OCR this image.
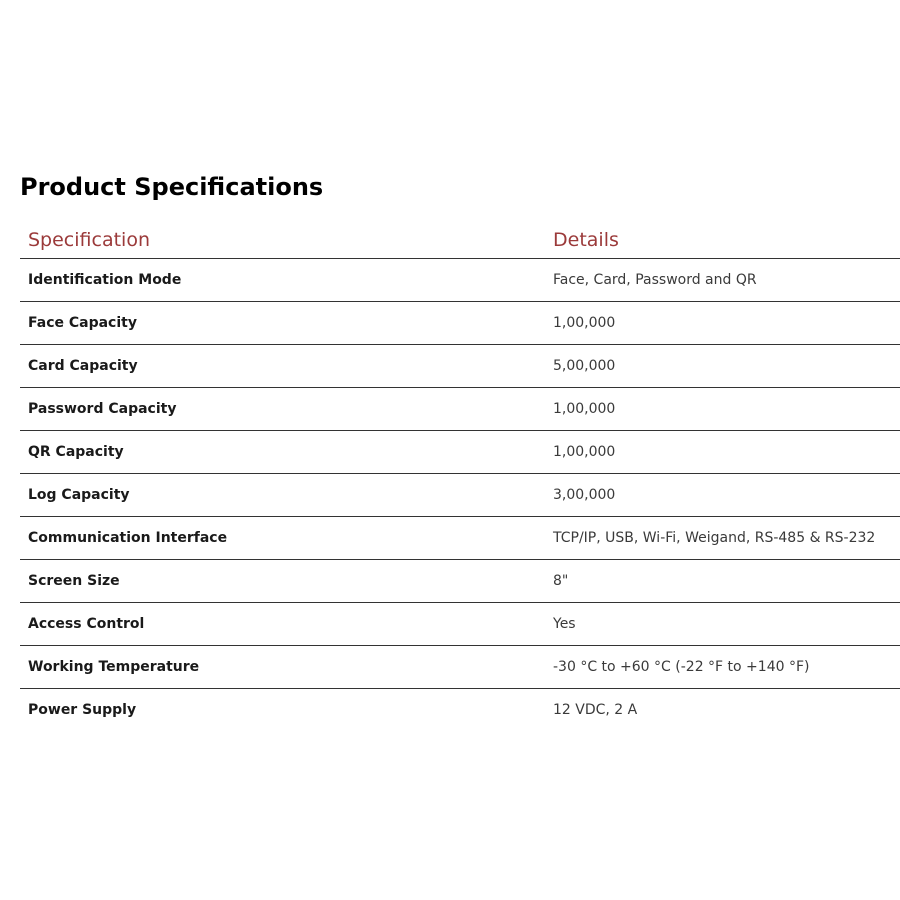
Product Specifications
Specification	Details
Identification Mode	Face, Card, Password and QR
Face Capacity	1,00,000
Card Capacity	5,00,000
Password Capacity	1,00,000
QR Capacity	1,00,000
Log Capacity	3,00,000
Communication Interface	TCP/IP, USB, Wi-Fi, Weigand, RS-485 & RS-232
Screen Size	8"
Access Control	Yes
Working Temperature	-30 °C to +60 °C (-22 °F to +140 °F)
Power Supply	12 VDC, 2 A
